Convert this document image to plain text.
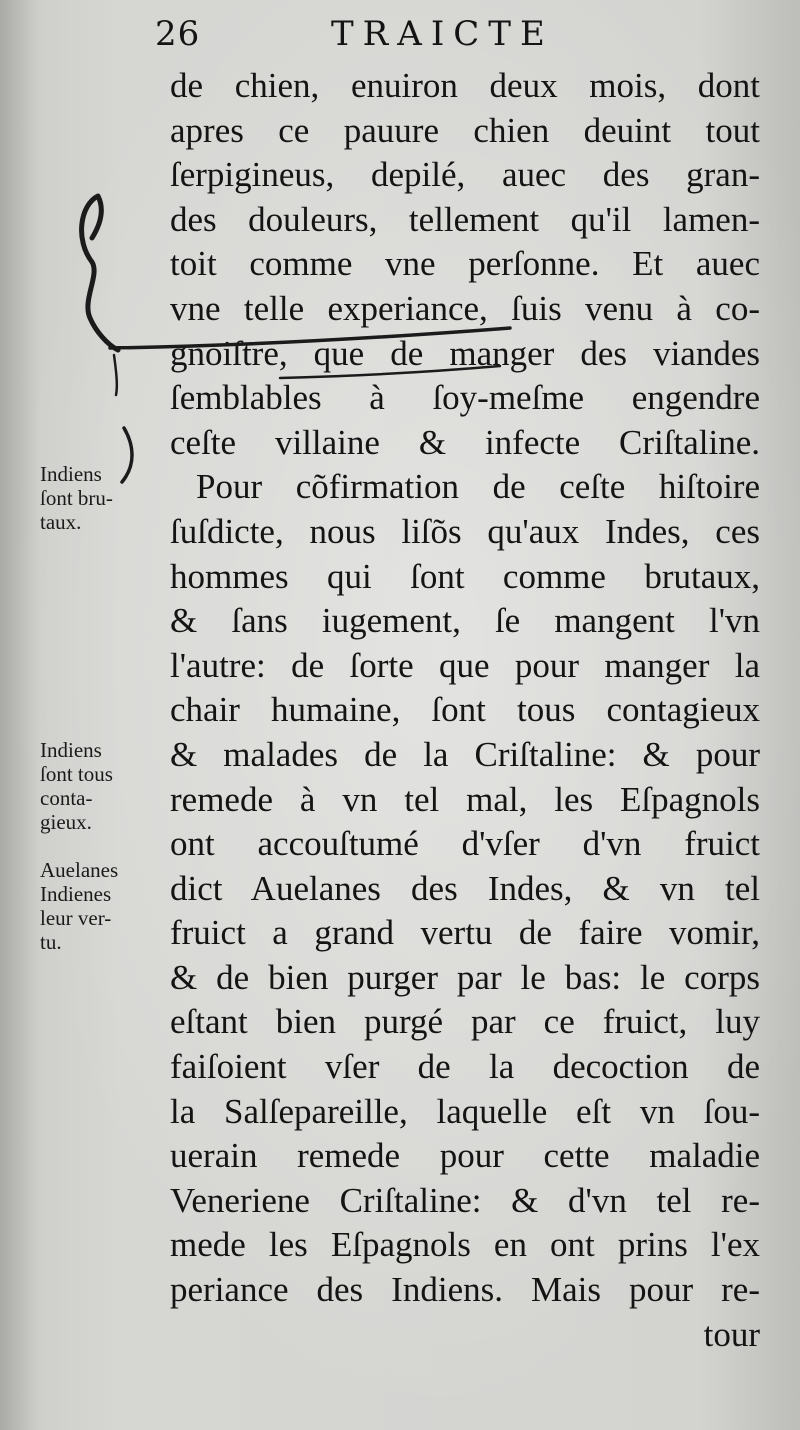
26	TRAICTE
de chien, enuiron deux mois, dont
apres ce pauure chien deuint tout
ſerpigineus, depilé, auec des gran-
des douleurs, tellement qu'il lamen-
toit comme vne perſonne. Et auec
vne telle experiance, ſuis venu à co-
gnoiſtre, que de manger des viandes
ſemblables à ſoy-meſme engendre
ceſte villaine & infecte Criſtaline.
Pour cõfirmation de ceſte hiſtoire
ſuſdicte, nous liſõs qu'aux Indes, ces
hommes qui ſont comme brutaux,
& ſans iugement, ſe mangent l'vn
l'autre: de ſorte que pour manger la
chair humaine, ſont tous contagieux
& malades de la Criſtaline: & pour
remede à vn tel mal, les Eſpagnols
ont accouſtumé d'vſer d'vn fruict
dict Auelanes des Indes, & vn tel
fruict a grand vertu de faire vomir,
& de bien purger par le bas: le corps
eſtant bien purgé par ce fruict, luy
faiſoient vſer de la decoction de
la Salſepareille, laquelle eſt vn ſou-
uerain remede pour cette maladie
Veneriene Criſtaline: & d'vn tel re-
mede les Eſpagnols en ont prins l'ex
periance des Indiens. Mais pour re-
tour
Indiens
ſont bru-
taux.
Indiens
ſont tous
conta-
gieux.
Auelanes
Indienes
leur ver-
tu.
